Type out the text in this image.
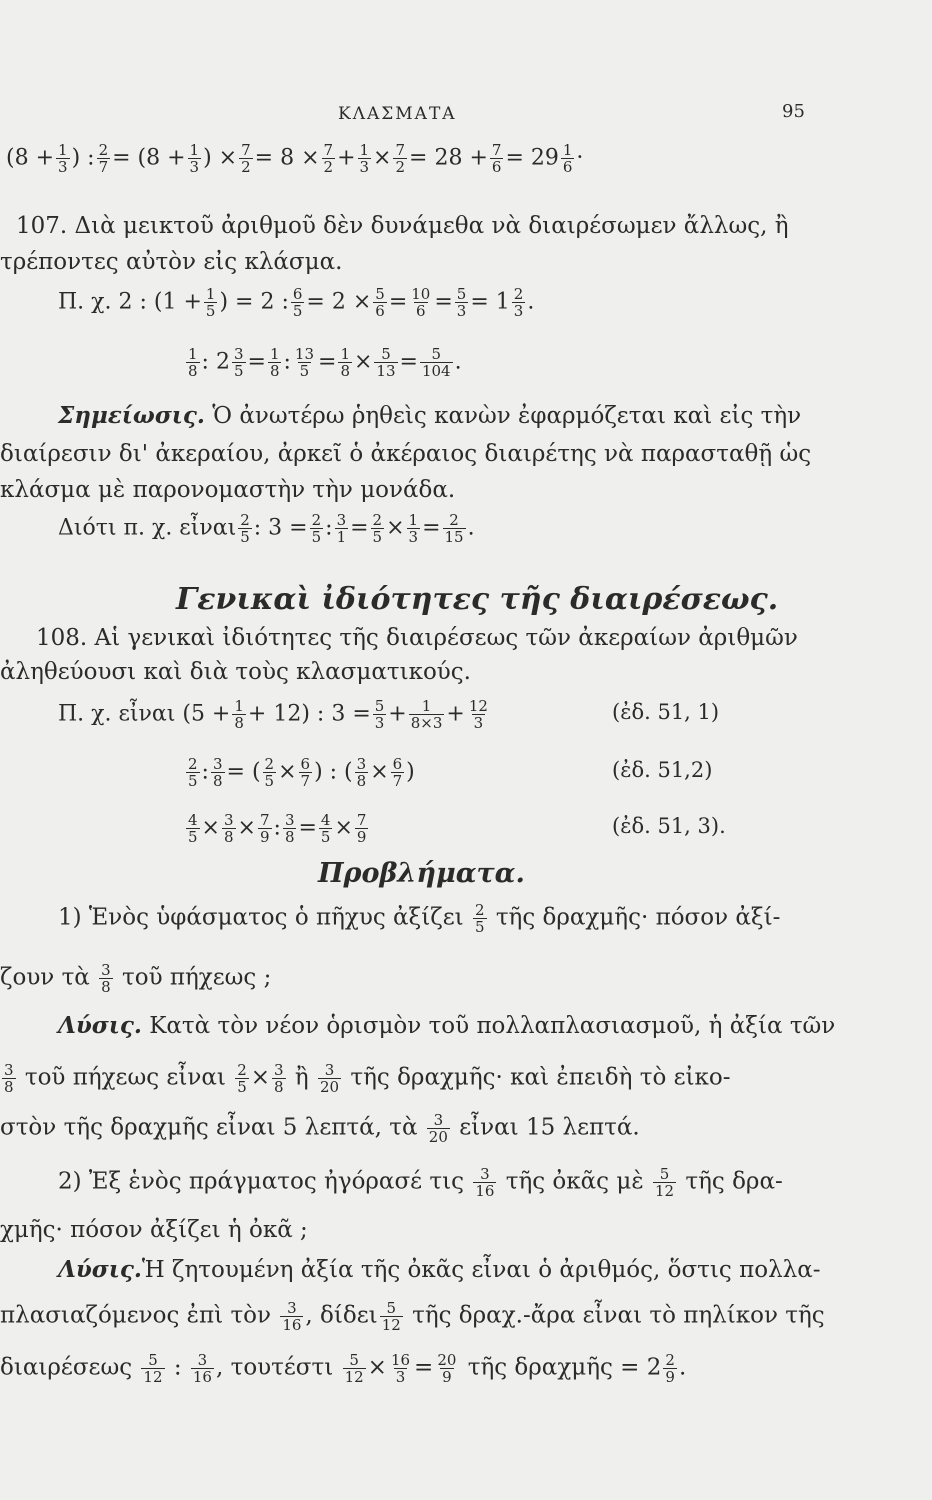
ΚΛΑΣΜΑΤΑ	95
($8 + \frac{1}{3}$ ) : $\frac{2}{7} = (8 + \frac{1}{3}$ ) × $\frac{7}{2} = 8 \times \frac{7}{2} + \frac{1}{3} \times \frac{7}{2} = 28 + \frac{7}{6} = 29 \frac{1}{6}$ ·
107. Διὰ μεικτοῦ ἀριθμοῦ δὲν δυνάμεθα νὰ διαιρέσωμεν ἄλλως, ἢ
τρέποντες αὐτὸν εἰς κλάσμα.
Π. χ. 2 : ($1 + \frac{1}{5}$ ) = 2 : $\frac{6}{5} = 2 \times \frac{5}{6} = \frac{10}{6} = \frac{5}{3} = 1 \frac{2}{3}$ .
$\frac{1}{8}$ : $2 \frac{3}{5} = \frac{1}{8}$ : $\frac{13}{5} = \frac{1}{8} \times \frac{5}{13} = \frac{5}{104}$ .
Σημείωσις. Ὁ ἀνωτέρω ῥηθεὶς κανὼν ἐφαρμόζεται καὶ εἰς τὴν
διαίρεσιν δι' ἀκεραίου, ἀρκεῖ ὁ ἀκέραιος διαιρέτης νὰ παρασταθῇ ὡς
κλάσμα μὲ παρονομαστὴν τὴν μονάδα.
Διότι π. χ. εἶναι $\frac{2}{5}$ : $3 = \frac{2}{5}$ : $\frac{3}{1} = \frac{2}{5} \times \frac{1}{3} = \frac{2}{15}$ .
Γενικαὶ ἰδιότητες τῆς διαιρέσεως.
108. Αἱ γενικαὶ ἰδιότητες τῆς διαιρέσεως τῶν ἀκεραίων ἀριθμῶν
ἀληθεύουσι καὶ διὰ τοὺς κλασματικούς.
Π. χ. εἶναι $(5 + \frac{1}{8} + 12)$ : $3 = \frac{5}{3} + \frac{1}{8\times 3} + \frac{12}{3}$	(ἐδ. 51, 1)
$\frac{2}{5}$ : $\frac{3}{8}$ = ( $\frac{2}{5} \times \frac{6}{7}$ ) : ( $\frac{3}{8} \times \frac{6}{7}$ )	(ἐδ. 51,2)
$\frac{4}{5} \times \frac{3}{8} \times \frac{7}{9}$ : $\frac{3}{8} = \frac{4}{5} \times \frac{7}{9}$	(ἐδ. 51, 3).
Προβλήματα.
1) Ἑνὸς ὑφάσματος ὁ πῆχυς ἀξίζει $\frac{2}{5}$ τῆς δραχμῆς· πόσον ἀξί-
ζουν τὰ $\frac{3}{8}$ τοῦ πήχεως ;
Λύσις. Κατὰ τὸν νέον ὁρισμὸν τοῦ πολλαπλασιασμοῦ, ἡ ἀξία τῶν
$\frac{3}{8}$ τοῦ πήχεως εἶναι $\frac{2}{5} \times \frac{3}{8}$ ἢ $\frac{3}{20}$ τῆς δραχμῆς· καὶ ἐπειδὴ τὸ εἰκο-
στὸν τῆς δραχμῆς εἶναι 5 λεπτά, τὰ $\frac{3}{20}$ εἶναι 15 λεπτά.
2) Ἐξ ἑνὸς πράγματος ἠγόρασέ τις $\frac{3}{16}$ τῆς ὀκᾶς μὲ $\frac{5}{12}$ τῆς δρα-
χμῆς· πόσον ἀξίζει ἡ ὀκᾶ ;
Λύσις.Ἡ ζητουμένη ἀξία τῆς ὀκᾶς εἶναι ὁ ἀριθμός, ὅστις πολλα-
πλασιαζόμενος ἐπὶ τὸν $\frac{3}{16}$ , δίδει $\frac{5}{12}$ τῆς δραχ.-ἄρα εἶναι τὸ πηλίκον τῆς
διαιρέσεως $\frac{5}{12}$ : $\frac{3}{16}$ , τουτέστι $\frac{5}{12} \times \frac{16}{3} = \frac{20}{9}$ τῆς δραχμῆς = $2 \frac{2}{9}$ .
